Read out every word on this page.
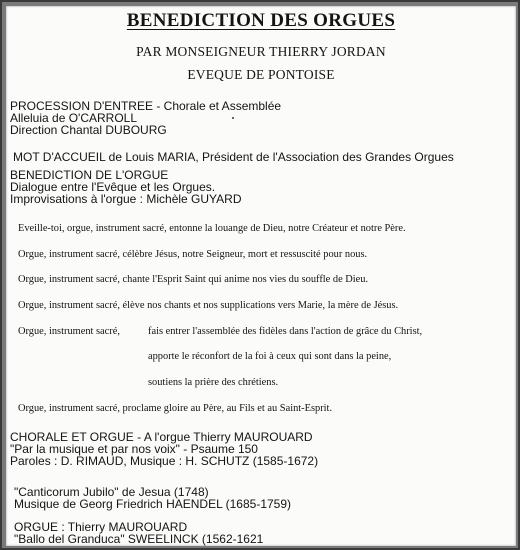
BENEDICTION DES ORGUES
PAR MONSEIGNEUR THIERRY JORDAN
EVEQUE DE PONTOISE
PROCESSION D'ENTREE - Chorale et Assemblée
Alleluia de O'CARROLL
Direction Chantal DUBOURG
MOT D'ACCUEIL de Louis MARIA, Président de l'Association des Grandes Orgues
BENEDICTION DE L'ORGUE
Dialogue entre l'Evêque et les Orgues.
Improvisations à l'orgue : Michèle GUYARD
Eveille-toi, orgue, instrument sacré, entonne la louange de Dieu, notre Créateur et notre Père.
Orgue, instrument sacré, célèbre Jésus, notre Seigneur, mort et ressuscité pour nous.
Orgue, instrument sacré, chante l'Esprit Saint qui anime nos vies du souffle de Dieu.
Orgue, instrument sacré, élève nos chants et nos supplications vers Marie, la mère de Jésus.
Orgue, instrument sacré,	fais entrer l'assemblée des fidèles dans l'action de grâce du Christ,
apporte le réconfort de la foi à ceux qui sont dans la peine,
soutiens la prière des chrétiens.
Orgue, instrument sacré, proclame gloire au Père, au Fils et au Saint-Esprit.
CHORALE ET ORGUE - A l'orgue Thierry MAUROUARD
"Par la musique et par nos voix" - Psaume 150
Paroles : D. RIMAUD, Musique : H. SCHUTZ (1585-1672)
"Canticorum Jubilo" de Jesua (1748)
Musique de Georg Friedrich HAENDEL (1685-1759)
ORGUE : Thierry MAUROUARD
"Ballo del Granduca" SWEELINCK (1562-1621
